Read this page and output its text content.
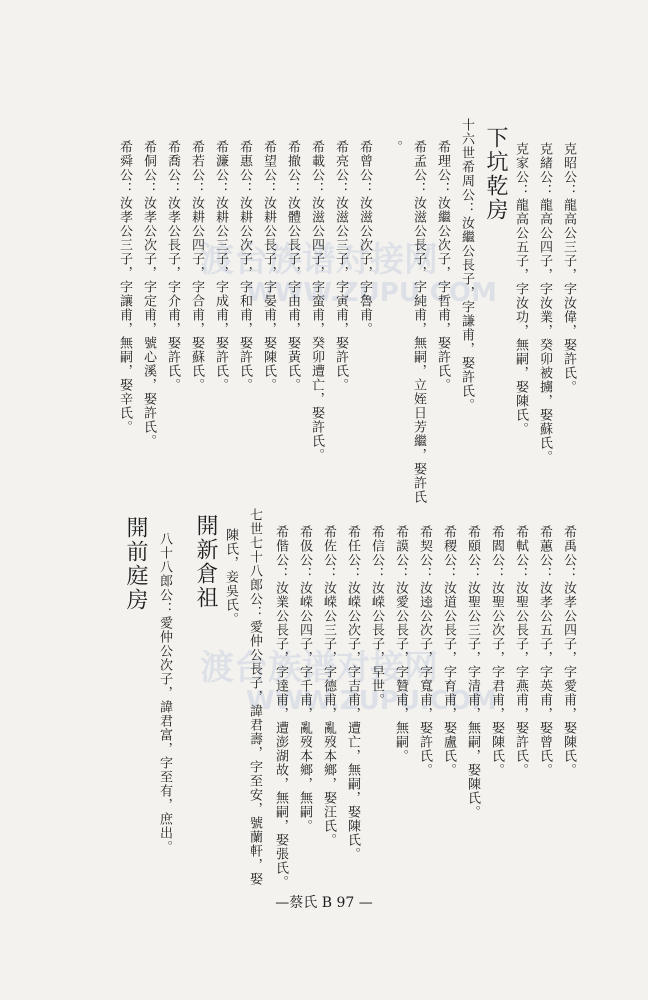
渡台族谱对接网
WWW.ZUPU.COM
渡台族谱对接网
WWW.ZUPU.COM
克昭公：龍高公三子，字汝偉，娶許氏。
克緒公：龍高公四子，字汝業，癸卯被擄，娶蘇氏。
克家公：龍高公五子，字汝功，無嗣，娶陳氏。
下坑乾房
十六世希周公：汝繼公長子，字謙甫，娶許氏。
希理公：汝繼公次子，字哲甫，娶許氏。
希孟公：汝滋公長子，字純甫，無嗣，立姪日芳繼，娶許氏
。
希曾公：汝滋公次子，字魯甫。
希亮公：汝滋公三子，字寅甫，娶許氏。
希載公：汝滋公四子，字蛮甫，癸卯遭亡，娶許氏。
希撤公：汝體公長子，字由甫，娶黃氏。
希望公：汝耕公長子，字晏甫，娶陳氏。
希惠公：汝耕公次子，字和甫，娶許氏。
希濂公：汝耕公三子，字成甫，娶許氏。
希若公：汝耕公四子，字合甫，娶蘇氏。
希喬公：汝孝公長子，字介甫，娶許氏。
希侗公：汝孝公次子，字定甫，號心溪，娶許氏。
希舜公：汝孝公三子，字讓甫，無嗣，娶辛氏。
希禹公：汝孝公四子，字愛甫，娶陳氏。
希蕙公：汝孝公五子，字英甫，娶曾氏。
希軾公：汝聖公長子，字燕甫，娶許氏。
希閻公：汝聖公次子，字君甫，娶陳氏。
希頤公：汝聖公三子，字清甫，無嗣，娶陳氏。
希稷公：汝道公長子，字育甫，娶盧氏。
希契公：汝逵公次子，字寬甫，娶許氏。
希謨公：汝愛公長子，字贊甫，無嗣。
希信公：汝嵘公長子，早世。
希任公：汝嵘公次子，字吉甫，遭亡，無嗣，娶陳氏。
希佐公：汝嵘公三子，字德甫，亂歿本鄉，娶汪氏。
希伋公：汝嵘公四子，字千甫，亂歿本鄉，無嗣。
希偕公：汝業公長子，字達甫，遭澎湖故，無嗣，娶張氏。
七世七十八郎公：愛仲公長子，諱君壽，字至安，號蘭軒，娶
陳氏，妾吳氏。
開新倉祖
八十八郎公：愛仲公次子，諱君富，字至有，庶出。
開前庭房
—蔡氏 B 97 —
